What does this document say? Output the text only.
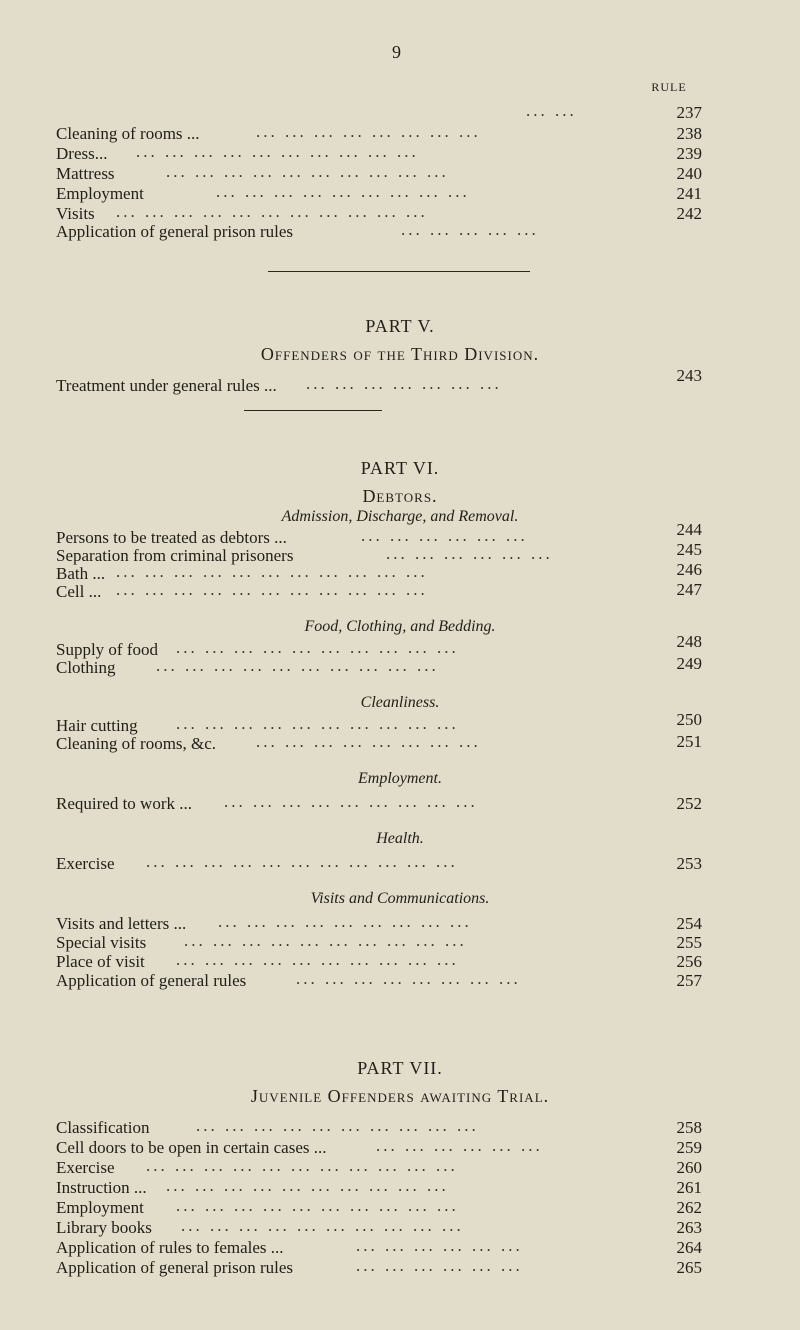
9
RULE
... ...	237
Cleaning of rooms ...	... ... ... ... ... ... ... ...	238
Dress... ... ... ... ... ... ... ... ... ... ...	239
Mattress	... ... ... ... ... ... ... ... ... ...	240
Employment	... ... ... ... ... ... ... ... ...	241
Visits ... ... ... ... ... ... ... ... ... ... ...	242
Application of general prison rules	... ... ... ... ...
PART V.
Offenders of the Third Division.
Treatment under general rules ... ... ... ... ... ... ... ...	243
PART VI.
Debtors.
Admission, Discharge, and Removal.
Persons to be treated as debtors ...	... ... ... ... ... ...	244
Separation from criminal prisoners	... ... ... ... ... ...	245
Bath ... ... ... ... ... ... ... ... ... ... ... ...	246
Cell ... ... ... ... ... ... ... ... ... ... ... ...	247
Food, Clothing, and Bedding.
Supply of food ... ... ... ... ... ... ... ... ... ...	248
Clothing ... ... ... ... ... ... ... ... ... ...	249
Cleanliness.
Hair cutting ... ... ... ... ... ... ... ... ... ...	250
Cleaning of rooms, &c. ... ... ... ... ... ... ... ...	251
Employment.
Required to work ... ... ... ... ... ... ... ... ... ...	252
Health.
Exercise ... ... ... ... ... ... ... ... ... ... ...	253
Visits and Communications.
Visits and letters ... ... ... ... ... ... ... ... ... ...	254
Special visits ... ... ... ... ... ... ... ... ... ...	255
Place of visit ... ... ... ... ... ... ... ... ... ...	256
Application of general rules	... ... ... ... ... ... ... ...	257
PART VII.
Juvenile Offenders awaiting Trial.
Classification	... ... ... ... ... ... ... ... ... ...	258
Cell doors to be open in certain cases ...	... ... ... ... ... ...	259
Exercise ... ... ... ... ... ... ... ... ... ... ...	260
Instruction ... ... ... ... ... ... ... ... ... ... ...	261
Employment ... ... ... ... ... ... ... ... ... ...	262
Library books ... ... ... ... ... ... ... ... ... ...	263
Application of rules to females ...	... ... ... ... ... ...	264
Application of general prison rules	... ... ... ... ... ...	265
